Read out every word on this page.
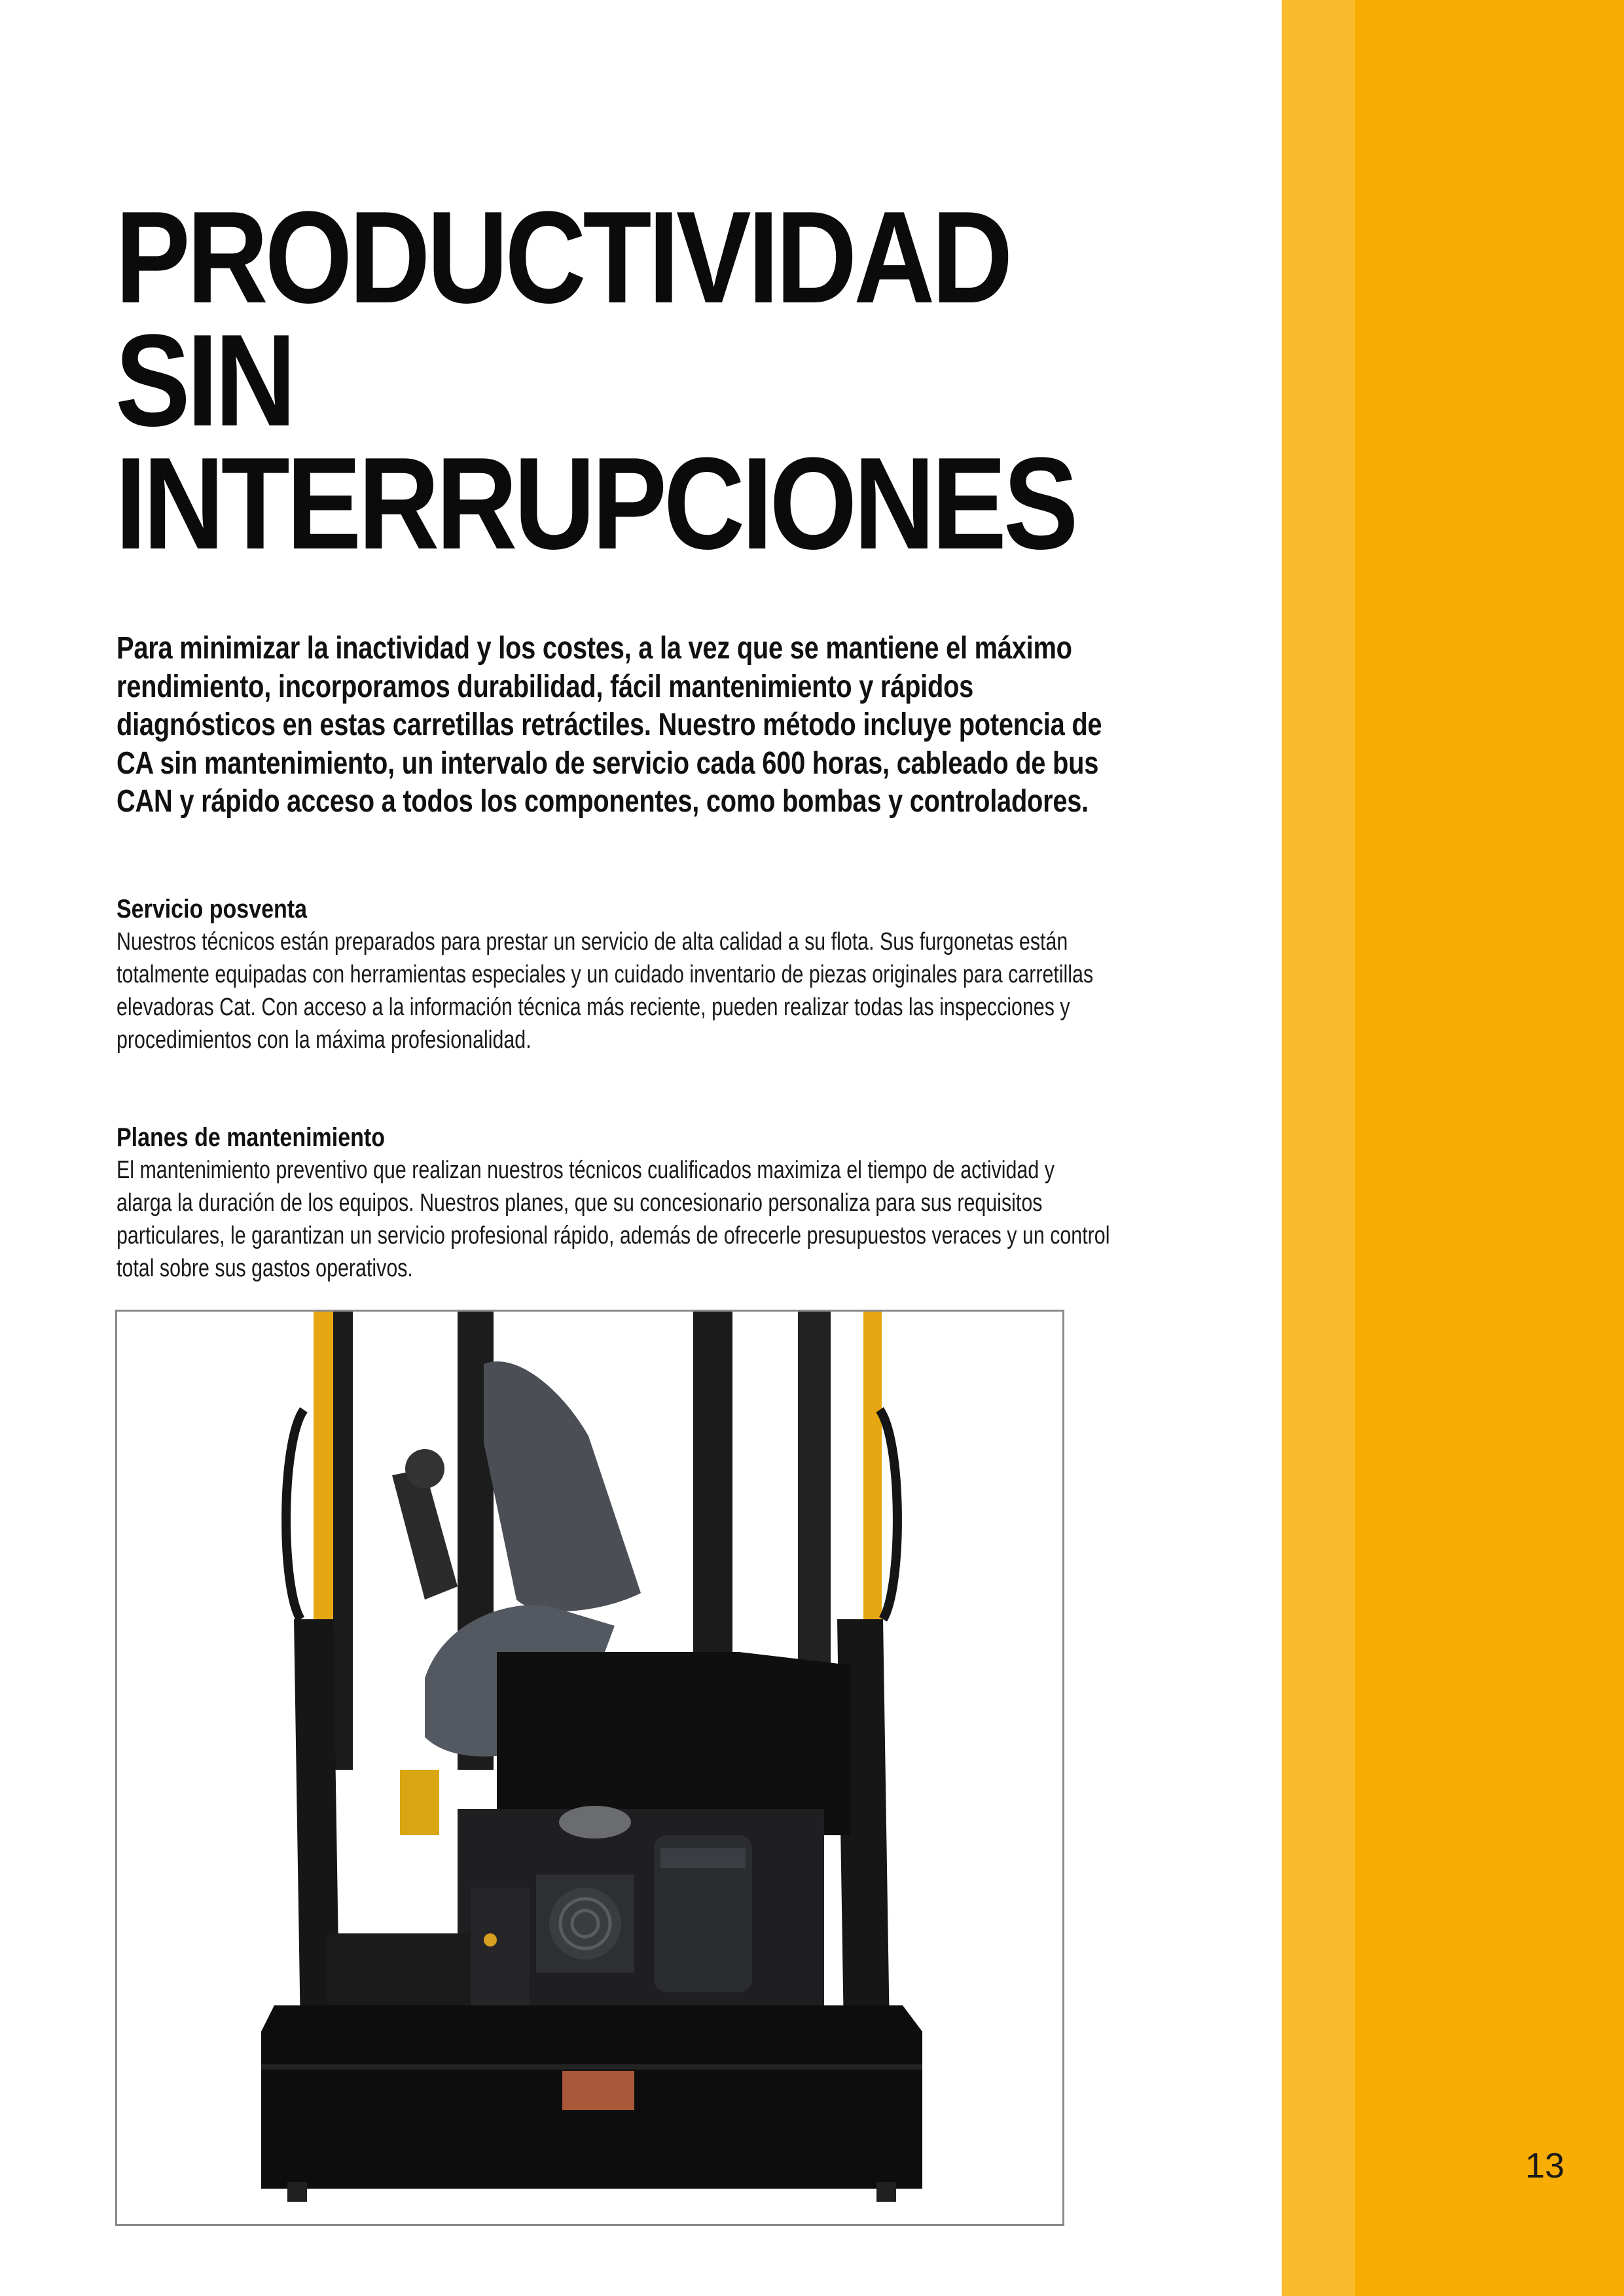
13
PRODUCTIVIDAD
SIN
INTERRUPCIONES

Para minimizar la inactividad y los costes, a la vez que se mantiene el máximo rendimiento, incorporamos durabilidad, fácil mantenimiento y rápidos diagnósticos en estas carretillas retráctiles. Nuestro método incluye potencia de CA sin mantenimiento, un intervalo de servicio cada 600 horas, cableado de bus CAN y rápido acceso a todos los componentes, como bombas y controladores.

Servicio posventa

Nuestros técnicos están preparados para prestar un servicio de alta calidad a su flota. Sus furgonetas están totalmente equipadas con herramientas especiales y un cuidado inventario de piezas originales para carretillas elevadoras Cat. Con acceso a la información técnica más reciente, pueden realizar todas las inspecciones y procedimientos con la máxima profesionalidad.

Planes de mantenimiento

El mantenimiento preventivo que realizan nuestros técnicos cualificados maximiza el tiempo de actividad y alarga la duración de los equipos. Nuestros planes, que su concesionario personaliza para sus requisitos particulares, le garantizan un servicio profesional rápido, además de ofrecerle presupuestos veraces y un control total sobre sus gastos operativos.
